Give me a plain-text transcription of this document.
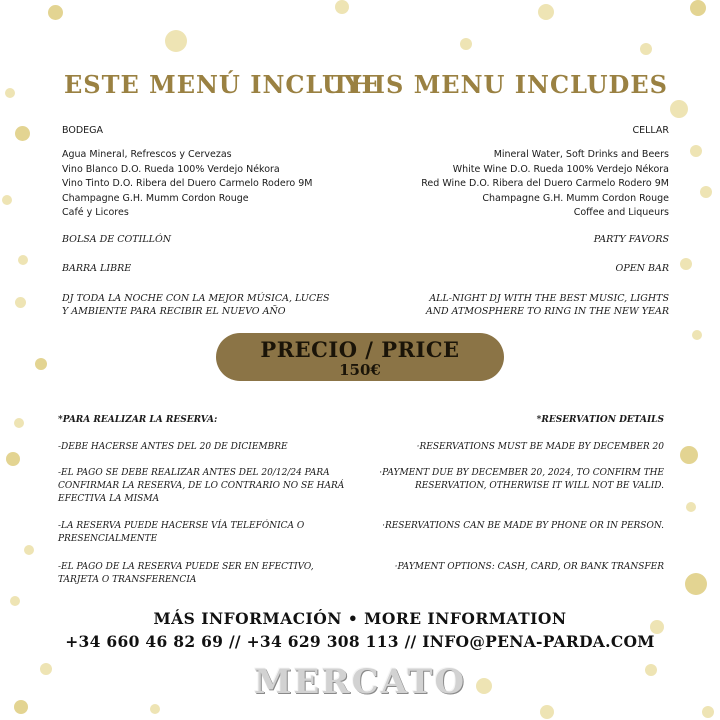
ESTE MENÚ INCLUYE
THIS MENU INCLUDES
BODEGA
Agua Mineral, Refrescos y Cervezas
Vino Blanco D.O. Rueda 100% Verdejo Nékora
Vino Tinto D.O. Ribera del Duero Carmelo Rodero 9M
Champagne G.H. Mumm Cordon Rouge
Café y Licores
BOLSA DE COTILLÓN
BARRA LIBRE
DJ TODA LA NOCHE CON LA MEJOR MÚSICA, LUCES Y AMBIENTE PARA RECIBIR EL NUEVO AÑO
CELLAR
Mineral Water, Soft Drinks and Beers
White Wine D.O. Rueda 100% Verdejo Nékora
Red Wine D.O. Ribera del Duero Carmelo Rodero 9M
Champagne G.H. Mumm Cordon Rouge
Coffee and Liqueurs
PARTY FAVORS
OPEN BAR
ALL-NIGHT DJ WITH THE BEST MUSIC, LIGHTS AND ATMOSPHERE TO RING IN THE NEW YEAR
PRECIO / PRICE
150€
*PARA REALIZAR LA RESERVA:
-DEBE HACERSE ANTES DEL 20 DE DICIEMBRE
-EL PAGO SE DEBE REALIZAR ANTES DEL 20/12/24 PARA CONFIRMAR LA RESERVA, DE LO CONTRARIO NO SE HARÁ EFECTIVA LA MISMA
-LA RESERVA PUEDE HACERSE VÍA TELEFÓNICA O PRESENCIALMENTE
-EL PAGO DE LA RESERVA PUEDE SER EN EFECTIVO, TARJETA O TRANSFERENCIA
*RESERVATION DETAILS
·RESERVATIONS MUST BE MADE BY DECEMBER 20
·PAYMENT DUE BY DECEMBER 20, 2024, TO CONFIRM THE RESERVATION, OTHERWISE IT WILL NOT BE VALID.
·RESERVATIONS CAN BE MADE BY PHONE OR IN PERSON.
·PAYMENT OPTIONS: CASH, CARD, OR BANK TRANSFER
MÁS INFORMACIÓN • MORE INFORMATION
+34 660 46 82 69 // +34 629 308 113 // INFO@PENA-PARDA.COM
MERCATO
